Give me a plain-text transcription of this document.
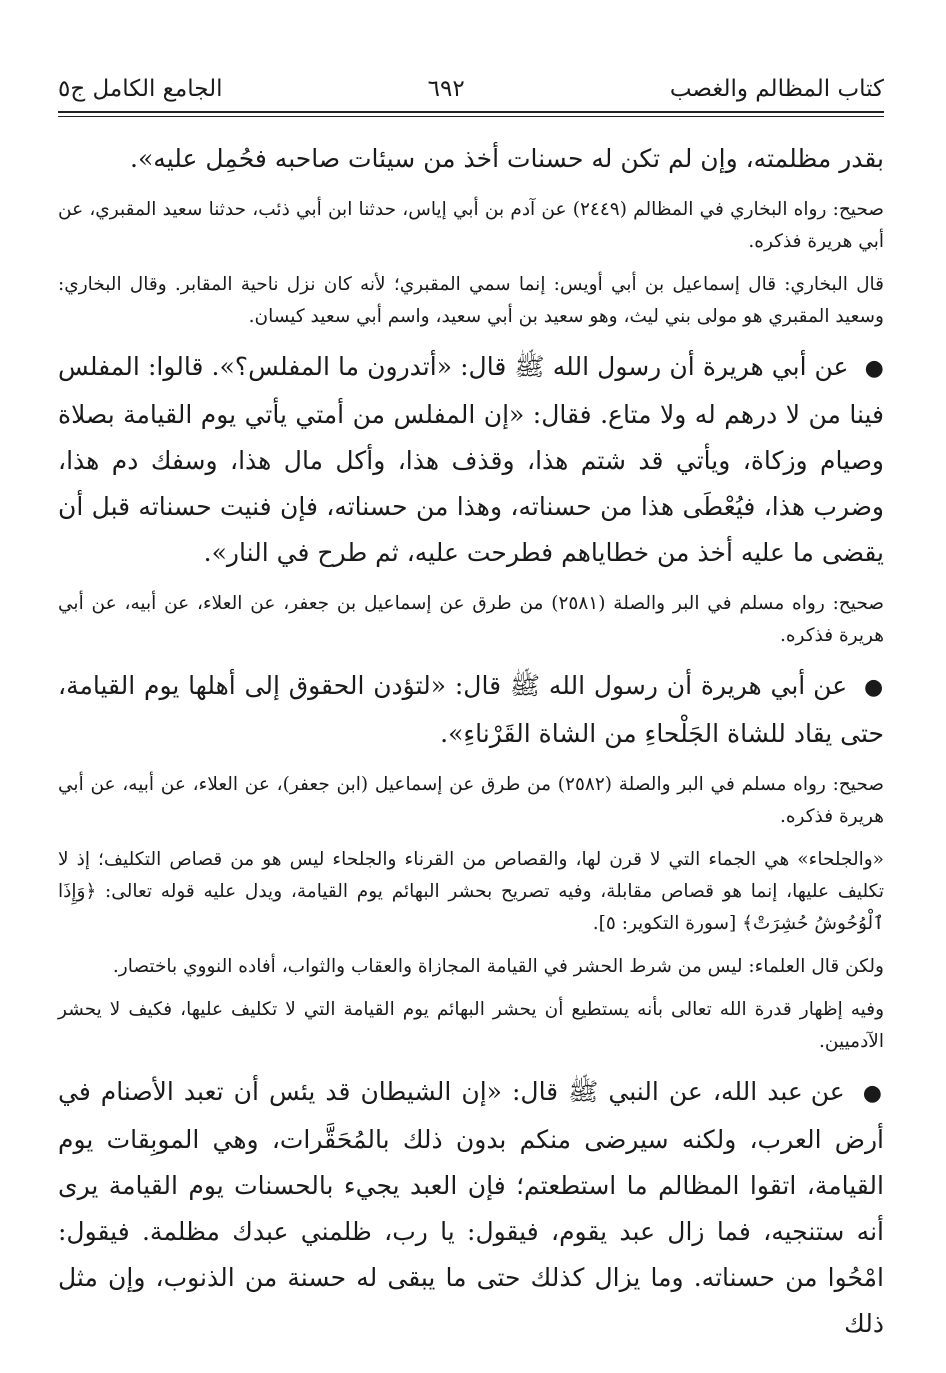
كتاب المظالم والغصب
٦٩٢
الجامع الكامل ج٥

بقدر مظلمته، وإن لم تكن له حسنات أخذ من سيئات صاحبه فحُمِل عليه».

صحيح: رواه البخاري في المظالم (٢٤٤٩) عن آدم بن أبي إياس، حدثنا ابن أبي ذئب، حدثنا سعيد المقبري، عن أبي هريرة فذكره.

قال البخاري: قال إسماعيل بن أبي أويس: إنما سمي المقبري؛ لأنه كان نزل ناحية المقابر. وقال البخاري: وسعيد المقبري هو مولى بني ليث، وهو سعيد بن أبي سعيد، واسم أبي سعيد كيسان.

● عن أبي هريرة أن رسول الله ﷺ قال: «أتدرون ما المفلس؟». قالوا: المفلس فينا من لا درهم له ولا متاع. فقال: «إن المفلس من أمتي يأتي يوم القيامة بصلاة وصيام وزكاة، ويأتي قد شتم هذا، وقذف هذا، وأكل مال هذا، وسفك دم هذا، وضرب هذا، فيُعْطَى هذا من حسناته، وهذا من حسناته، فإن فنيت حسناته قبل أن يقضى ما عليه أخذ من خطاياهم فطرحت عليه، ثم طرح في النار».

صحيح: رواه مسلم في البر والصلة (٢٥٨١) من طرق عن إسماعيل بن جعفر، عن العلاء، عن أبيه، عن أبي هريرة فذكره.

● عن أبي هريرة أن رسول الله ﷺ قال: «لتؤدن الحقوق إلى أهلها يوم القيامة، حتى يقاد للشاة الجَلْحاءِ من الشاة القَرْناءِ».

صحيح: رواه مسلم في البر والصلة (٢٥٨٢) من طرق عن إسماعيل (ابن جعفر)، عن العلاء، عن أبيه، عن أبي هريرة فذكره.

«والجلحاء» هي الجماء التي لا قرن لها، والقصاص من القرناء والجلحاء ليس هو من قصاص التكليف؛ إذ لا تكليف عليها، إنما هو قصاص مقابلة، وفيه تصريح بحشر البهائم يوم القيامة، ويدل عليه قوله تعالى: ﴿وَإِذَا ٱلْوُحُوشُ حُشِرَتْ﴾ [سورة التكوير: ٥].

ولكن قال العلماء: ليس من شرط الحشر في القيامة المجازاة والعقاب والثواب، أفاده النووي باختصار.

وفيه إظهار قدرة الله تعالى بأنه يستطيع أن يحشر البهائم يوم القيامة التي لا تكليف عليها، فكيف لا يحشر الآدميين.

● عن عبد الله، عن النبي ﷺ قال: «إن الشيطان قد يئس أن تعبد الأصنام في أرض العرب، ولكنه سيرضى منكم بدون ذلك بالمُحَقَّرات، وهي الموبِقات يوم القيامة، اتقوا المظالم ما استطعتم؛ فإن العبد يجيء بالحسنات يوم القيامة يرى أنه ستنجيه، فما زال عبد يقوم، فيقول: يا رب، ظلمني عبدك مظلمة. فيقول: امْحُوا من حسناته. وما يزال كذلك حتى ما يبقى له حسنة من الذنوب، وإن مثل ذلك
